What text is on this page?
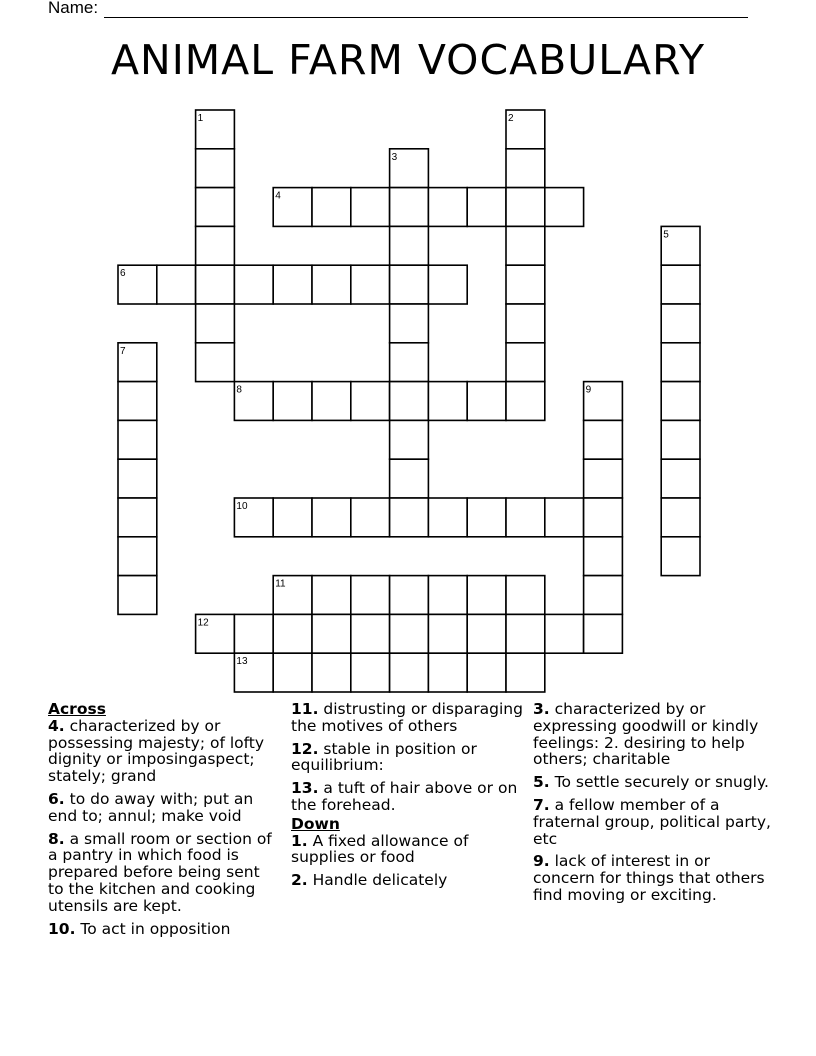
Name:
ANIMAL FARM VOCABULARY
1	2
3
4
5
6
7
8	9
10
11
12
13
Across
4. characterized by or possessing majesty; of lofty dignity or imposingaspect; stately; grand
6. to do away with; put an end to; annul; make void
8. a small room or section of a pantry in which food is prepared before being sent to the kitchen and cooking utensils are kept.
10. To act in opposition
11. distrusting or disparaging the motives of others
12. stable in position or equilibrium:
13. a tuft of hair above or on the forehead.
Down
1. A fixed allowance of supplies or food
2. Handle delicately
3. characterized by or expressing goodwill or kindly feelings: 2. desiring to help others; charitable
5. To settle securely or snugly.
7. a fellow member of a fraternal group, political party, etc
9. lack of interest in or concern for things that others find moving or exciting.
